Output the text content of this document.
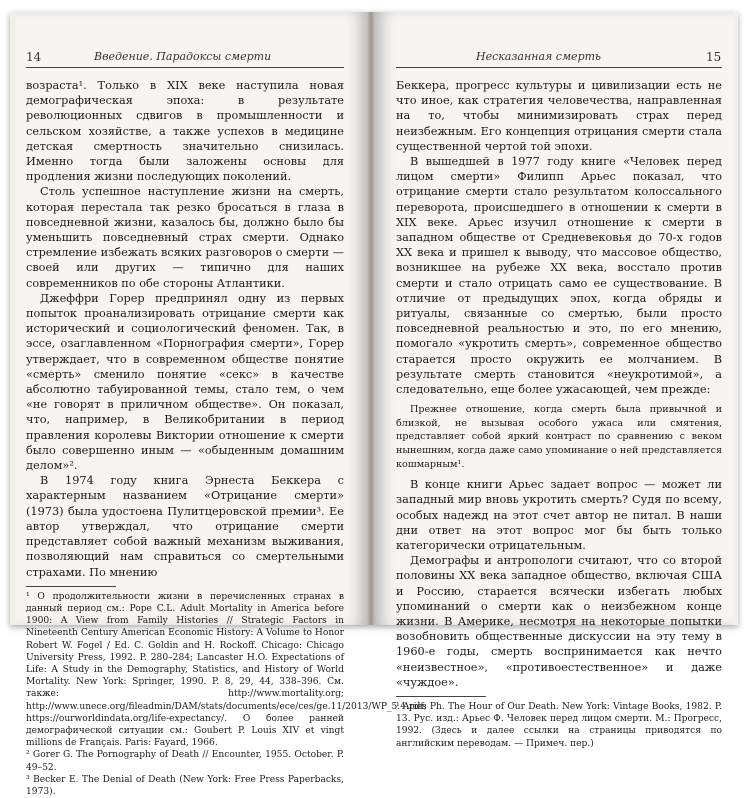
14	Введение. Парадоксы смерти

возраста¹. Только в XIX веке наступила новая демографическая эпоха: в результате революционных сдвигов в промышленности и сельском хозяйстве, а также успехов в медицине детская смертность значительно снизилась. Именно тогда были заложены основы для продления жизни последующих поколений.

Столь успешное наступление жизни на смерть, которая перестала так резко бросаться в глаза в повседневной жизни, казалось бы, должно было бы уменьшить повседневный страх смерти. Однако стремление избежать всяких разговоров о смерти — своей или других — типично для наших современников по обе стороны Атлантики.

Джеффри Горер предпринял одну из первых попыток проанализировать отрицание смерти как исторический и социологический феномен. Так, в эссе, озаглавленном «Порнография смерти», Горер утверждает, что в современном обществе понятие «смерть» сменило понятие «секс» в качестве абсолютно табуированной темы, стало тем, о чем «не говорят в приличном обществе». Он показал, что, например, в Великобритании в период правления королевы Виктории отношение к смерти было совершенно иным — «обыденным домашним делом»².

В 1974 году книга Эрнеста Беккера с характерным названием «Отрицание смерти» (1973) была удостоена Пулитцеровской премии³. Ее автор утверждал, что отрицание смерти представляет собой важный механизм выживания, позволяющий нам справиться со смертельными страхами. По мнению

¹ О продолжительности жизни в перечисленных странах в данный период см.: Pope C.L. Adult Mortality in America before 1900: A View from Family Histories // Strategic Factors in Nineteenth Century American Economic History: A Volume to Honor Robert W. Fogel / Ed. C. Goldin and H. Rockoff. Chicago: Chicago University Press, 1992. P. 280–284; Lancaster H.O. Expectations of Life: A Study in the Demography, Statistics, and History of World Mortality. New York: Springer, 1990. P. 8, 29, 44, 338–396. См. также: http://www.mortality.org; http://www.unece.org/fileadmin/DAM/stats/documents/ece/ces/ge.11/2013/WP_5.4.pdf; https://ourworldindata.org/life-expectancy/. О более ранней демографической ситуации см.: Goubert P. Louis XIV et vingt millions de Français. Paris: Fayard, 1966.

² Gorer G. The Pornography of Death // Encounter, 1955. October. P. 49–52.

³ Becker E. The Denial of Death (New York: Free Press Paperbacks, 1973).

Несказанная смерть	15

Беккера, прогресс культуры и цивилизации есть не что иное, как стратегия человечества, направленная на то, чтобы минимизировать страх перед неизбежным. Его концепция отрицания смерти стала существенной чертой той эпохи.

В вышедшей в 1977 году книге «Человек перед лицом смерти» Филипп Арьес показал, что отрицание смерти стало результатом колоссального переворота, происшедшего в отношении к смерти в XIX веке. Арьес изучил отношение к смерти в западном обществе от Средневековья до 70-х годов XX века и пришел к выводу, что массовое общество, возникшее на рубеже XX века, восстало против смерти и стало отрицать само ее существование. В отличие от предыдущих эпох, когда обряды и ритуалы, связанные со смертью, были просто повседневной реальностью и это, по его мнению, помогало «укротить смерть», современное общество старается просто окружить ее молчанием. В результате смерть становится «неукротимой», а следовательно, еще более ужасающей, чем прежде:

Прежнее отношение, когда смерть была привычной и близкой, не вызывая особого ужаса или смятения, представляет собой яркий контраст по сравнению с веком нынешним, когда даже само упоминание о ней представляется кошмарным¹.

В конце книги Арьес задает вопрос — может ли западный мир вновь укротить смерть? Судя по всему, особых надежд на этот счет автор не питал. В наши дни ответ на этот вопрос мог бы быть только категорически отрицательным.

Демографы и антропологи считают, что со второй половины XX века западное общество, включая США и Россию, старается всячески избегать любых упоминаний о смерти как о неизбежном конце жизни. В Америке, несмотря на некоторые попытки возобновить общественные дискуссии на эту тему в 1960-е годы, смерть воспринимается как нечто «неизвестное», «противоестественное» и даже «чуждое».

¹ Ariès Ph. The Hour of Our Death. New York: Vintage Books, 1982. P. 13. Рус. изд.: Арьес Ф. Человек перед лицом смерти. М.: Прогресс, 1992. (Здесь и далее ссылки на страницы приводятся по английским переводам. — Примеч. пер.)
